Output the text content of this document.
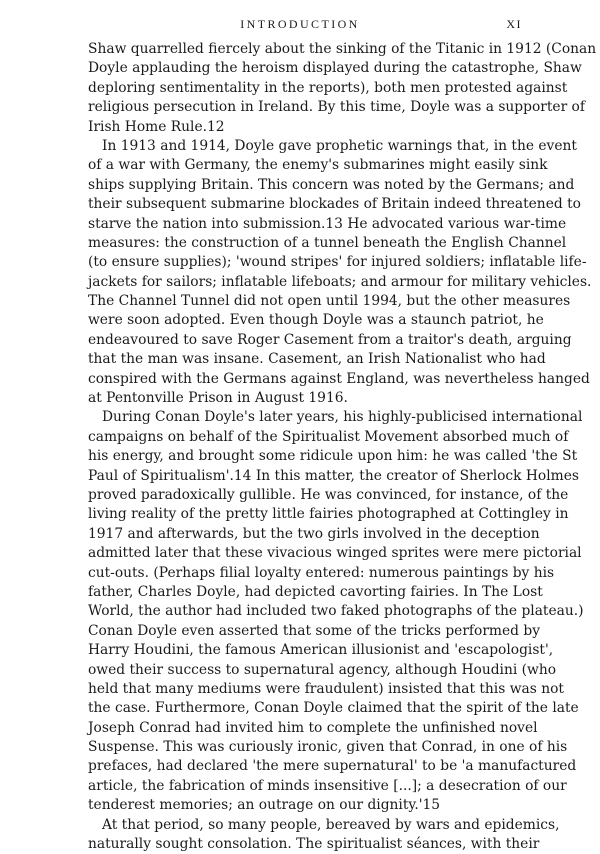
INTRODUCTION	XI
Shaw quarrelled fiercely about the sinking of the Titanic in 1912 (Conan
Doyle applauding the heroism displayed during the catastrophe, Shaw
deploring sentimentality in the reports), both men protested against
religious persecution in Ireland. By this time, Doyle was a supporter of
Irish Home Rule.12
In 1913 and 1914, Doyle gave prophetic warnings that, in the event
of a war with Germany, the enemy's submarines might easily sink
ships supplying Britain. This concern was noted by the Germans; and
their subsequent submarine blockades of Britain indeed threatened to
starve the nation into submission.13 He advocated various war-time
measures: the construction of a tunnel beneath the English Channel
(to ensure supplies); 'wound stripes' for injured soldiers; inflatable life-
jackets for sailors; inflatable lifeboats; and armour for military vehicles.
The Channel Tunnel did not open until 1994, but the other measures
were soon adopted. Even though Doyle was a staunch patriot, he
endeavoured to save Roger Casement from a traitor's death, arguing
that the man was insane. Casement, an Irish Nationalist who had
conspired with the Germans against England, was nevertheless hanged
at Pentonville Prison in August 1916.
During Conan Doyle's later years, his highly-publicised international
campaigns on behalf of the Spiritualist Movement absorbed much of
his energy, and brought some ridicule upon him: he was called 'the St
Paul of Spiritualism'.14 In this matter, the creator of Sherlock Holmes
proved paradoxically gullible. He was convinced, for instance, of the
living reality of the pretty little fairies photographed at Cottingley in
1917 and afterwards, but the two girls involved in the deception
admitted later that these vivacious winged sprites were mere pictorial
cut-outs. (Perhaps filial loyalty entered: numerous paintings by his
father, Charles Doyle, had depicted cavorting fairies. In The Lost
World, the author had included two faked photographs of the plateau.)
Conan Doyle even asserted that some of the tricks performed by
Harry Houdini, the famous American illusionist and 'escapologist',
owed their success to supernatural agency, although Houdini (who
held that many mediums were fraudulent) insisted that this was not
the case. Furthermore, Conan Doyle claimed that the spirit of the late
Joseph Conrad had invited him to complete the unfinished novel
Suspense. This was curiously ironic, given that Conrad, in one of his
prefaces, had declared 'the mere supernatural' to be 'a manufactured
article, the fabrication of minds insensitive [...]; a desecration of our
tenderest memories; an outrage on our dignity.'15
At that period, so many people, bereaved by wars and epidemics,
naturally sought consolation. The spiritualist séances, with their
